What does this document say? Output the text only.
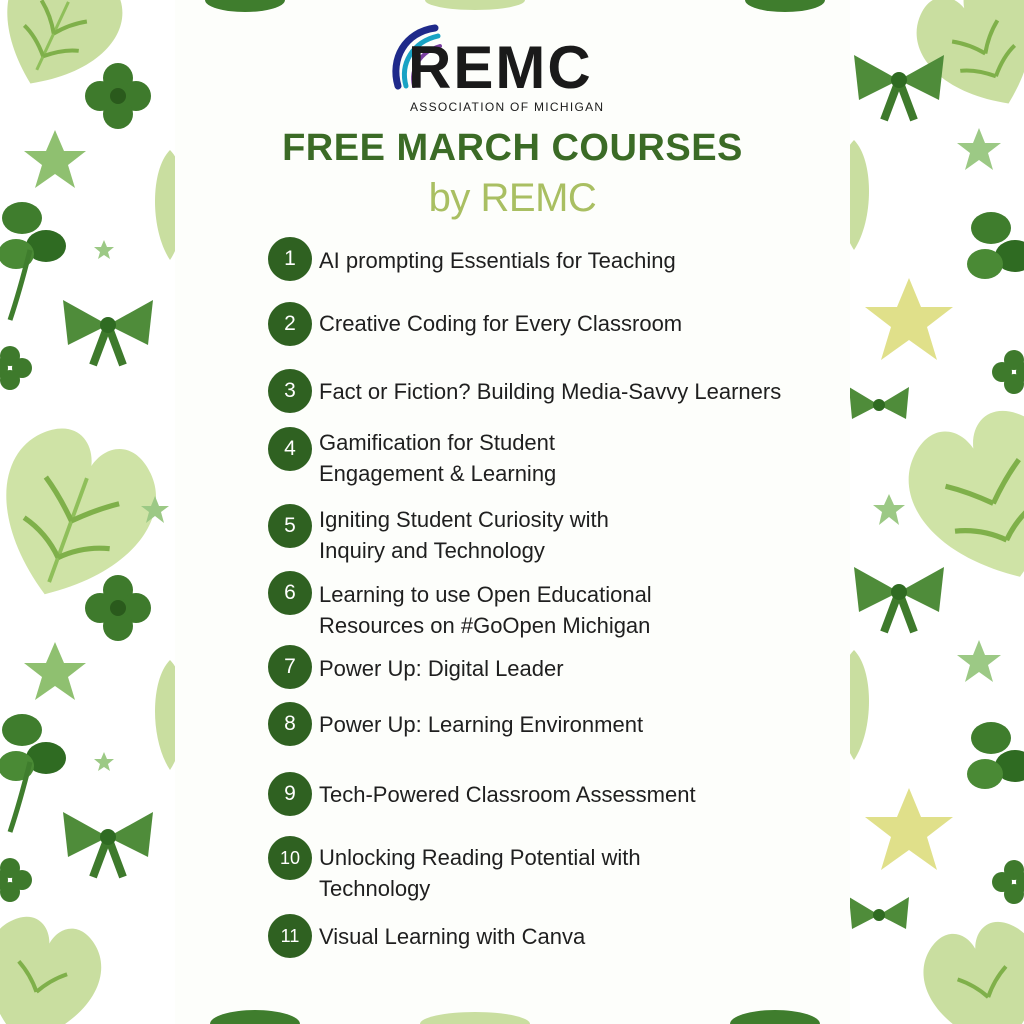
REMC
ASSOCIATION OF MICHIGAN
FREE MARCH COURSES
by REMC
1	AI prompting Essentials for Teaching
2	Creative Coding for Every Classroom
3	Fact or Fiction? Building Media-Savvy Learners
4	Gamification for Student
Engagement & Learning
5	Igniting Student Curiosity with
Inquiry and Technology
6	Learning to use Open Educational
Resources on #GoOpen Michigan
7	Power Up: Digital Leader
8	Power Up: Learning Environment
9	Tech-Powered Classroom Assessment
10 Unlocking Reading Potential with
Technology
11 Visual Learning with Canva
